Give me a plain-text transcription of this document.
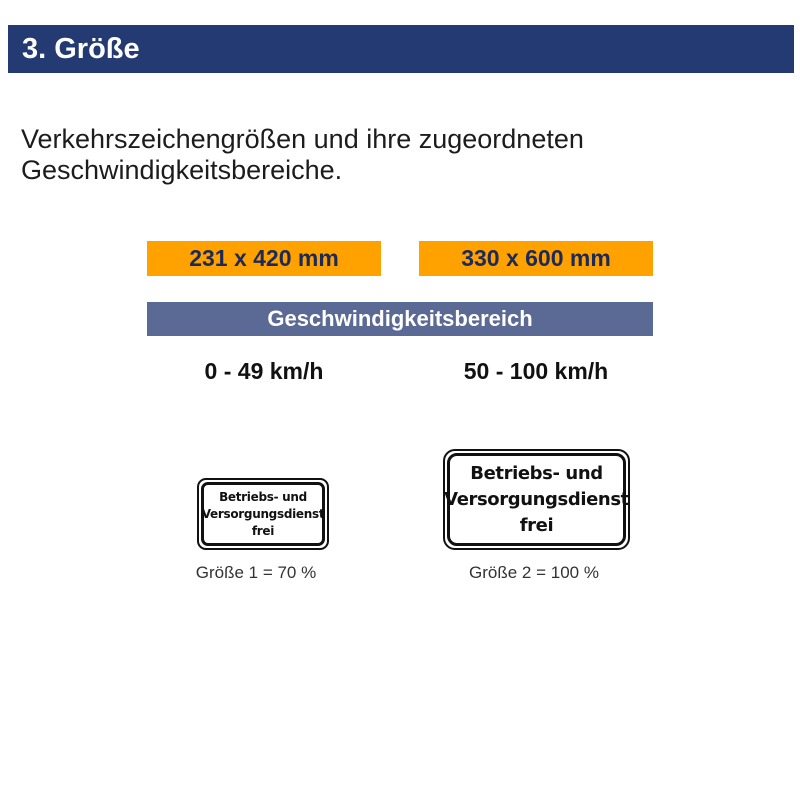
3. Größe
Verkehrszeichengrößen und ihre zugeordneten Geschwindigkeitsbereiche.
231 x 420 mm	330 x 600 mm
Geschwindigkeitsbereich
0 - 49 km/h	50 - 100 km/h
Betriebs- und
Versorgungsdienst
frei
Betriebs- und
Versorgungsdienst
frei
Größe 1 = 70 %	Größe 2 = 100 %
